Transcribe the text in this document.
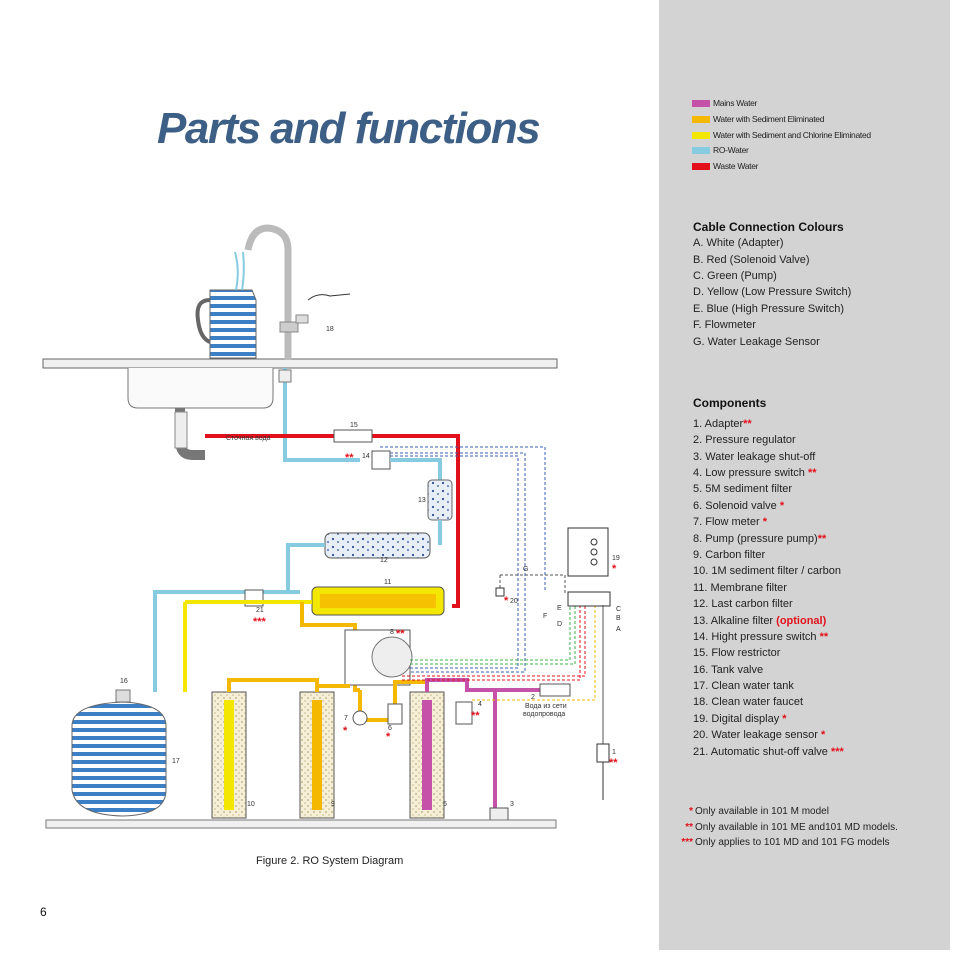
Parts and functions
18
Сточная вода
15
14
**
13
12
11
21
***
16
17
8 **
10	9	5
6
*
7
*
4
**
2
Вода из сети
водопровода
3
20
*
G
E
F
D
C
B
A
1
**
19
*
Mains Water
Water with Sediment Eliminated
Water with Sediment and Chlorine Eliminated
RO-Water
Waste Water
Cable Connection Colours
A. White (Adapter)
B. Red (Solenoid Valve)
C. Green (Pump)
D. Yellow (Low Pressure Switch)
E. Blue (High Pressure Switch)
F. Flowmeter
G. Water Leakage Sensor
Components
1. Adapter**
2. Pressure regulator
3. Water leakage shut-off
4. Low pressure switch **
5. 5M sediment filter
6. Solenoid valve *
7. Flow meter *
8. Pump (pressure pump)**
9. Carbon filter
10. 1M sediment filter / carbon
11. Membrane filter
12. Last carbon filter
13. Alkaline filter (optional)
14. Hight pressure switch **
15. Flow restrictor
16. Tank valve
17. Clean water tank
18. Clean water faucet
19. Digital display *
20. Water leakage sensor *
21. Automatic shut-off valve ***
* Only available in 101 M model
** Only available in 101 ME and101 MD models.
*** Only applies to 101 MD and 101 FG models
Figure 2. RO System Diagram
6
